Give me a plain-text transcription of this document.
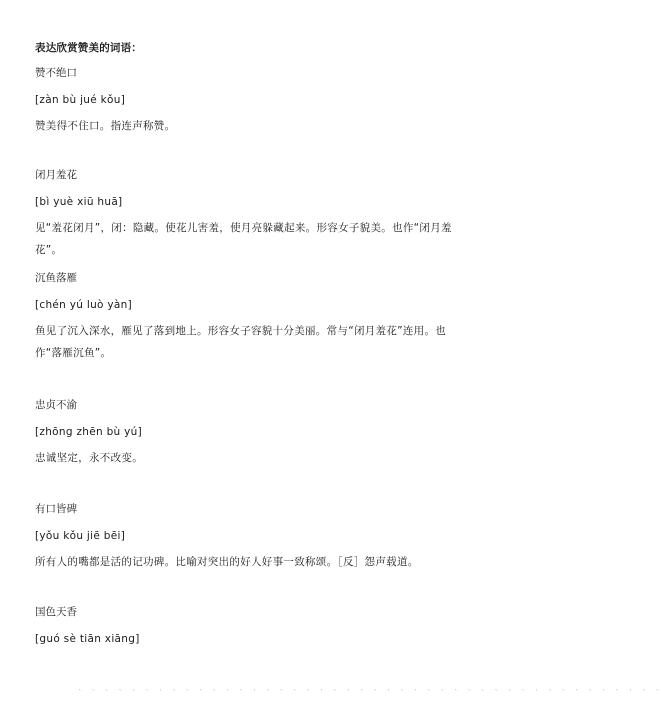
表达欣赏赞美的词语：
赞不绝口
[zàn bù jué kǒu]
赞美得不住口。指连声称赞。
闭月羞花
[bì yuè xiū huā]
见“羞花闭月”，闭：隐藏。使花儿害羞，使月亮躲藏起来。形容女子貌美。也作“闭月羞花”。
沉鱼落雁
[chén yú luò yàn]
鱼见了沉入深水，雁见了落到地上。形容女子容貌十分美丽。常与“闭月羞花”连用。也作“落雁沉鱼”。
忠贞不渝
[zhōng zhēn bù yú]
忠诚坚定，永不改变。
有口皆碑
[yǒu kǒu jiē bēi]
所有人的嘴都是活的记功碑。比喻对突出的好人好事一致称颂。［反］怨声载道。
国色天香
[guó sè tiān xiāng]
` ` ` ` ` ` ` ` ` ` ` ` ` ` ` ` ` ` ` ` ` ` ` ` ` ` ` ` ` ` ` ` ` ` ` ` ` ` ` ` ` ` ` `
